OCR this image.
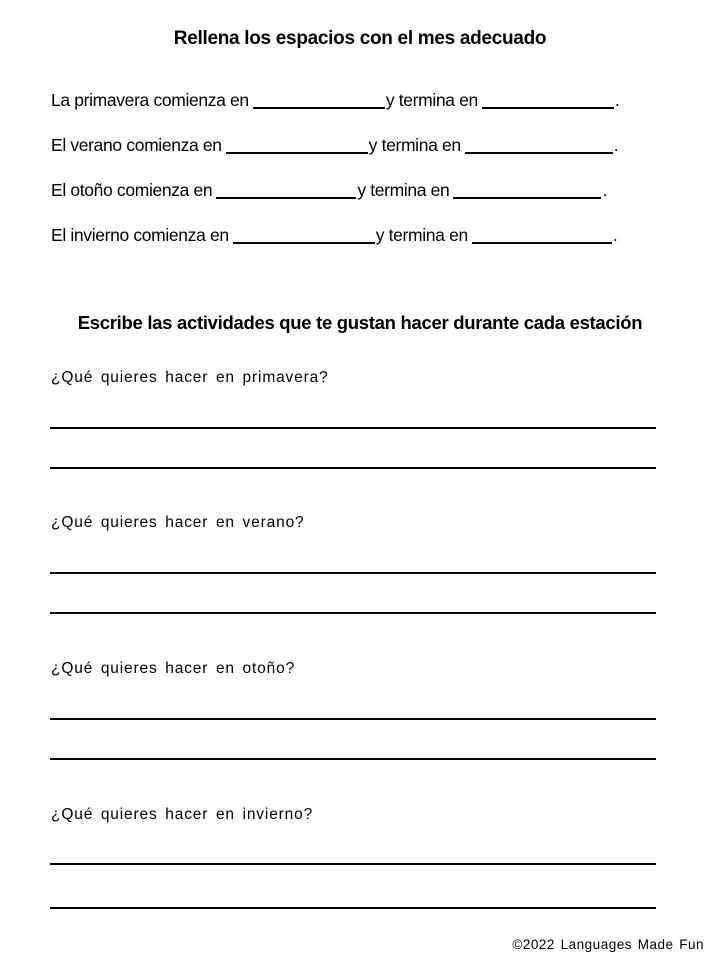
Rellena los espacios con el mes adecuado
La primavera comienza en	y termina en	.
El verano comienza en	y termina en	.
El otoño comienza en	y termina en	.
El invierno comienza en	y termina en	.
Escribe las actividades que te gustan hacer durante cada estación
¿Qué quieres hacer en primavera?
¿Qué quieres hacer en verano?
¿Qué quieres hacer en otoño?
¿Qué quieres hacer en invierno?
©2022 Languages Made Fun
